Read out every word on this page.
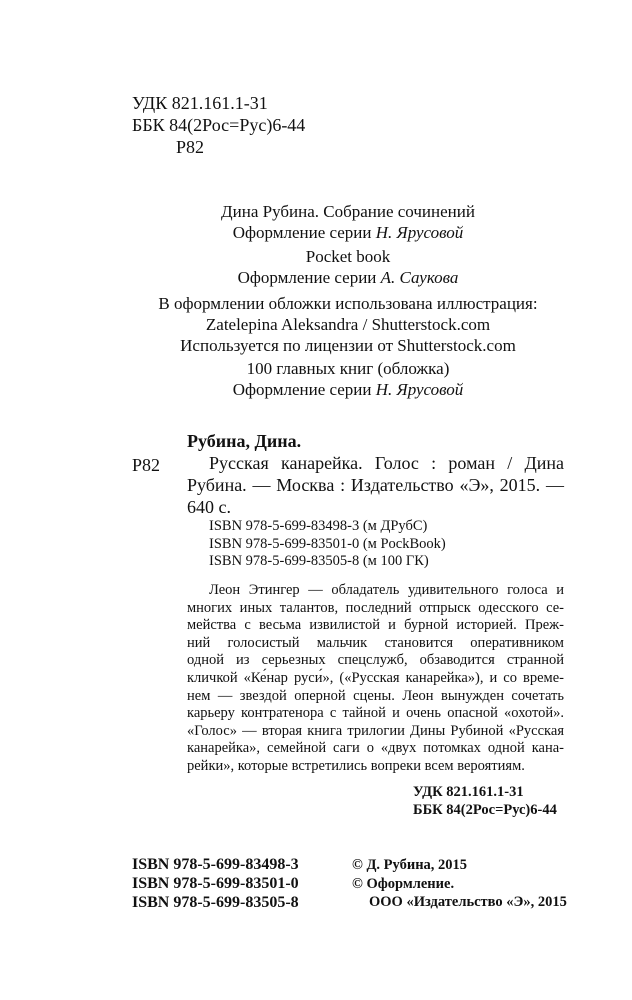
УДК 821.161.1-31
ББК 84(2Рос=Рус)6-44
Р82
Дина Рубина. Собрание сочинений
Оформление серии Н. Ярусовой
Pocket book
Оформление серии А. Саукова
В оформлении обложки использована иллюстрация:
Zatelepina Aleksandra / Shutterstock.com
Используется по лицензии от Shutterstock.com
100 главных книг (обложка)
Оформление серии Н. Ярусовой
Рубина, Дина.
Р82	Русская канарейка. Голос : роман / Дина
Рубина. — Москва : Издательство «Э», 2015. —
640 с.
ISBN 978-5-699-83498-3 (м ДРубС)
ISBN 978-5-699-83501-0 (м PockBook)
ISBN 978-5-699-83505-8 (м 100 ГК)
Леон Этингер — обладатель удивительного голоса и
многих иных талантов, последний отпрыск одесского се-
мейства с весьма извилистой и бурной историей. Преж-
ний голосистый мальчик становится оперативником
одной из серьезных спецслужб, обзаводится странной
кличкой «Ке́нар руси́», («Русская канарейка»), и со време-
нем — звездой оперной сцены. Леон вынужден сочетать
карьеру контратенора с тайной и очень опасной «охотой».
«Голос» — вторая книга трилогии Дины Рубиной «Русская
канарейка», семейной саги о «двух потомках одной кана-
рейки», которые встретились вопреки всем вероятиям.
УДК 821.161.1-31
ББК 84(2Рос=Рус)6-44
ISBN 978-5-699-83498-3
ISBN 978-5-699-83501-0
ISBN 978-5-699-83505-8
© Д. Рубина, 2015
© Оформление.
ООО «Издательство «Э», 2015
